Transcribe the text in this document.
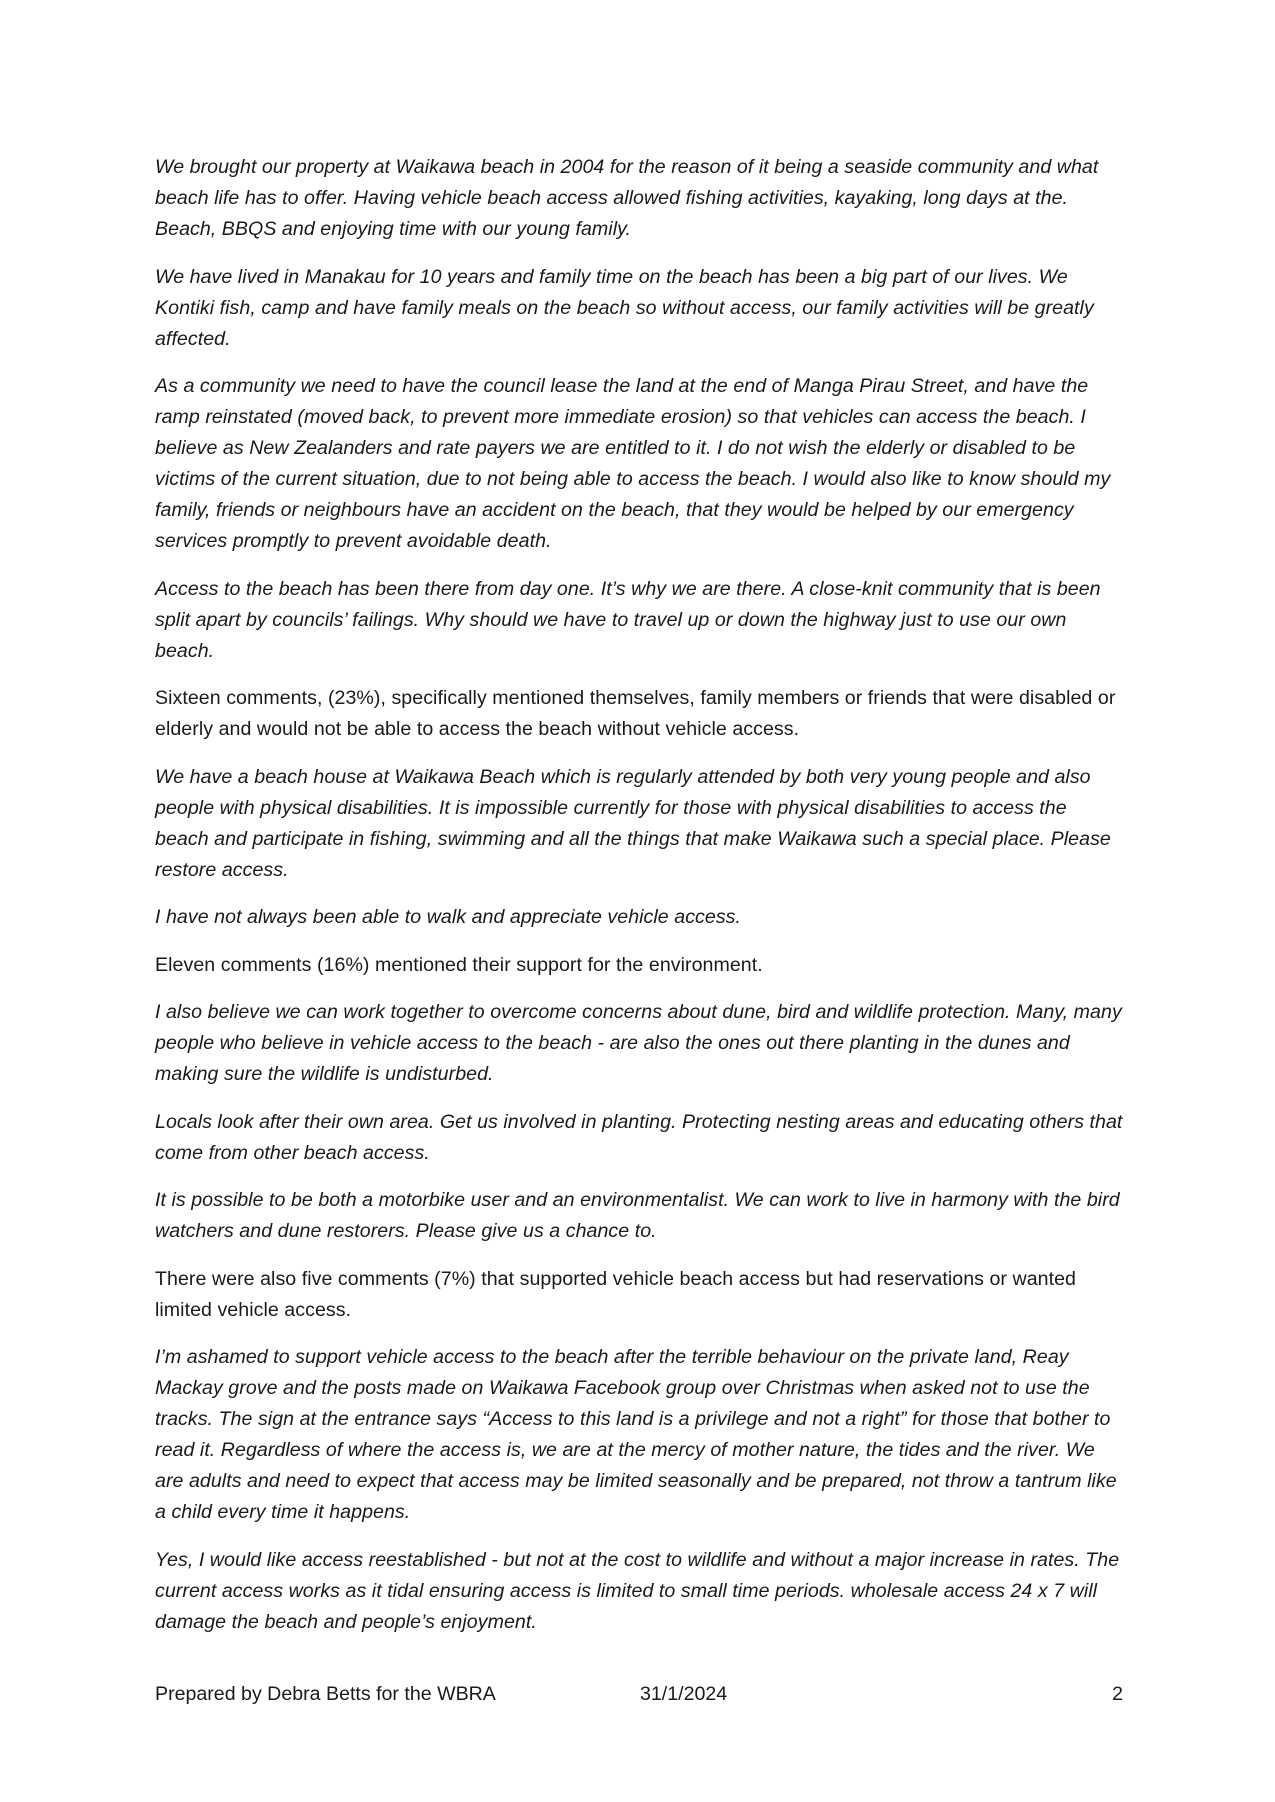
We brought our property at Waikawa beach in 2004 for the reason of it being a seaside community and what beach life has to offer. Having vehicle beach access allowed fishing activities, kayaking, long days at the. Beach, BBQS and enjoying time with our young family.

We have lived in Manakau for 10 years and family time on the beach has been a big part of our lives. We Kontiki fish, camp and have family meals on the beach so without access, our family activities will be greatly affected.

As a community we need to have the council lease the land at the end of Manga Pirau Street, and have the ramp reinstated (moved back, to prevent more immediate erosion) so that vehicles can access the beach. I believe as New Zealanders and rate payers we are entitled to it. I do not wish the elderly or disabled to be victims of the current situation, due to not being able to access the beach. I would also like to know should my family, friends or neighbours have an accident on the beach, that they would be helped by our emergency services promptly to prevent avoidable death.

Access to the beach has been there from day one. It’s why we are there. A close-knit community that is been split apart by councils’ failings. Why should we have to travel up or down the highway just to use our own beach.

Sixteen comments, (23%), specifically mentioned themselves, family members or friends that were disabled or elderly and would not be able to access the beach without vehicle access.

We have a beach house at Waikawa Beach which is regularly attended by both very young people and also people with physical disabilities. It is impossible currently for those with physical disabilities to access the beach and participate in fishing, swimming and all the things that make Waikawa such a special place. Please restore access.

I have not always been able to walk and appreciate vehicle access.

Eleven comments (16%) mentioned their support for the environment.

I also believe we can work together to overcome concerns about dune, bird and wildlife protection. Many, many people who believe in vehicle access to the beach - are also the ones out there planting in the dunes and making sure the wildlife is undisturbed.

Locals look after their own area. Get us involved in planting. Protecting nesting areas and educating others that come from other beach access.

It is possible to be both a motorbike user and an environmentalist. We can work to live in harmony with the bird watchers and dune restorers. Please give us a chance to.

There were also five comments (7%) that supported vehicle beach access but had reservations or wanted limited vehicle access.

I’m ashamed to support vehicle access to the beach after the terrible behaviour on the private land, Reay Mackay grove and the posts made on Waikawa Facebook group over Christmas when asked not to use the tracks. The sign at the entrance says “Access to this land is a privilege and not a right” for those that bother to read it. Regardless of where the access is, we are at the mercy of mother nature, the tides and the river. We are adults and need to expect that access may be limited seasonally and be prepared, not throw a tantrum like a child every time it happens.

Yes, I would like access reestablished - but not at the cost to wildlife and without a major increase in rates. The current access works as it tidal ensuring access is limited to small time periods. wholesale access 24 x 7 will damage the beach and people’s enjoyment.

Prepared by Debra Betts for the WBRA	31/1/2024	2
